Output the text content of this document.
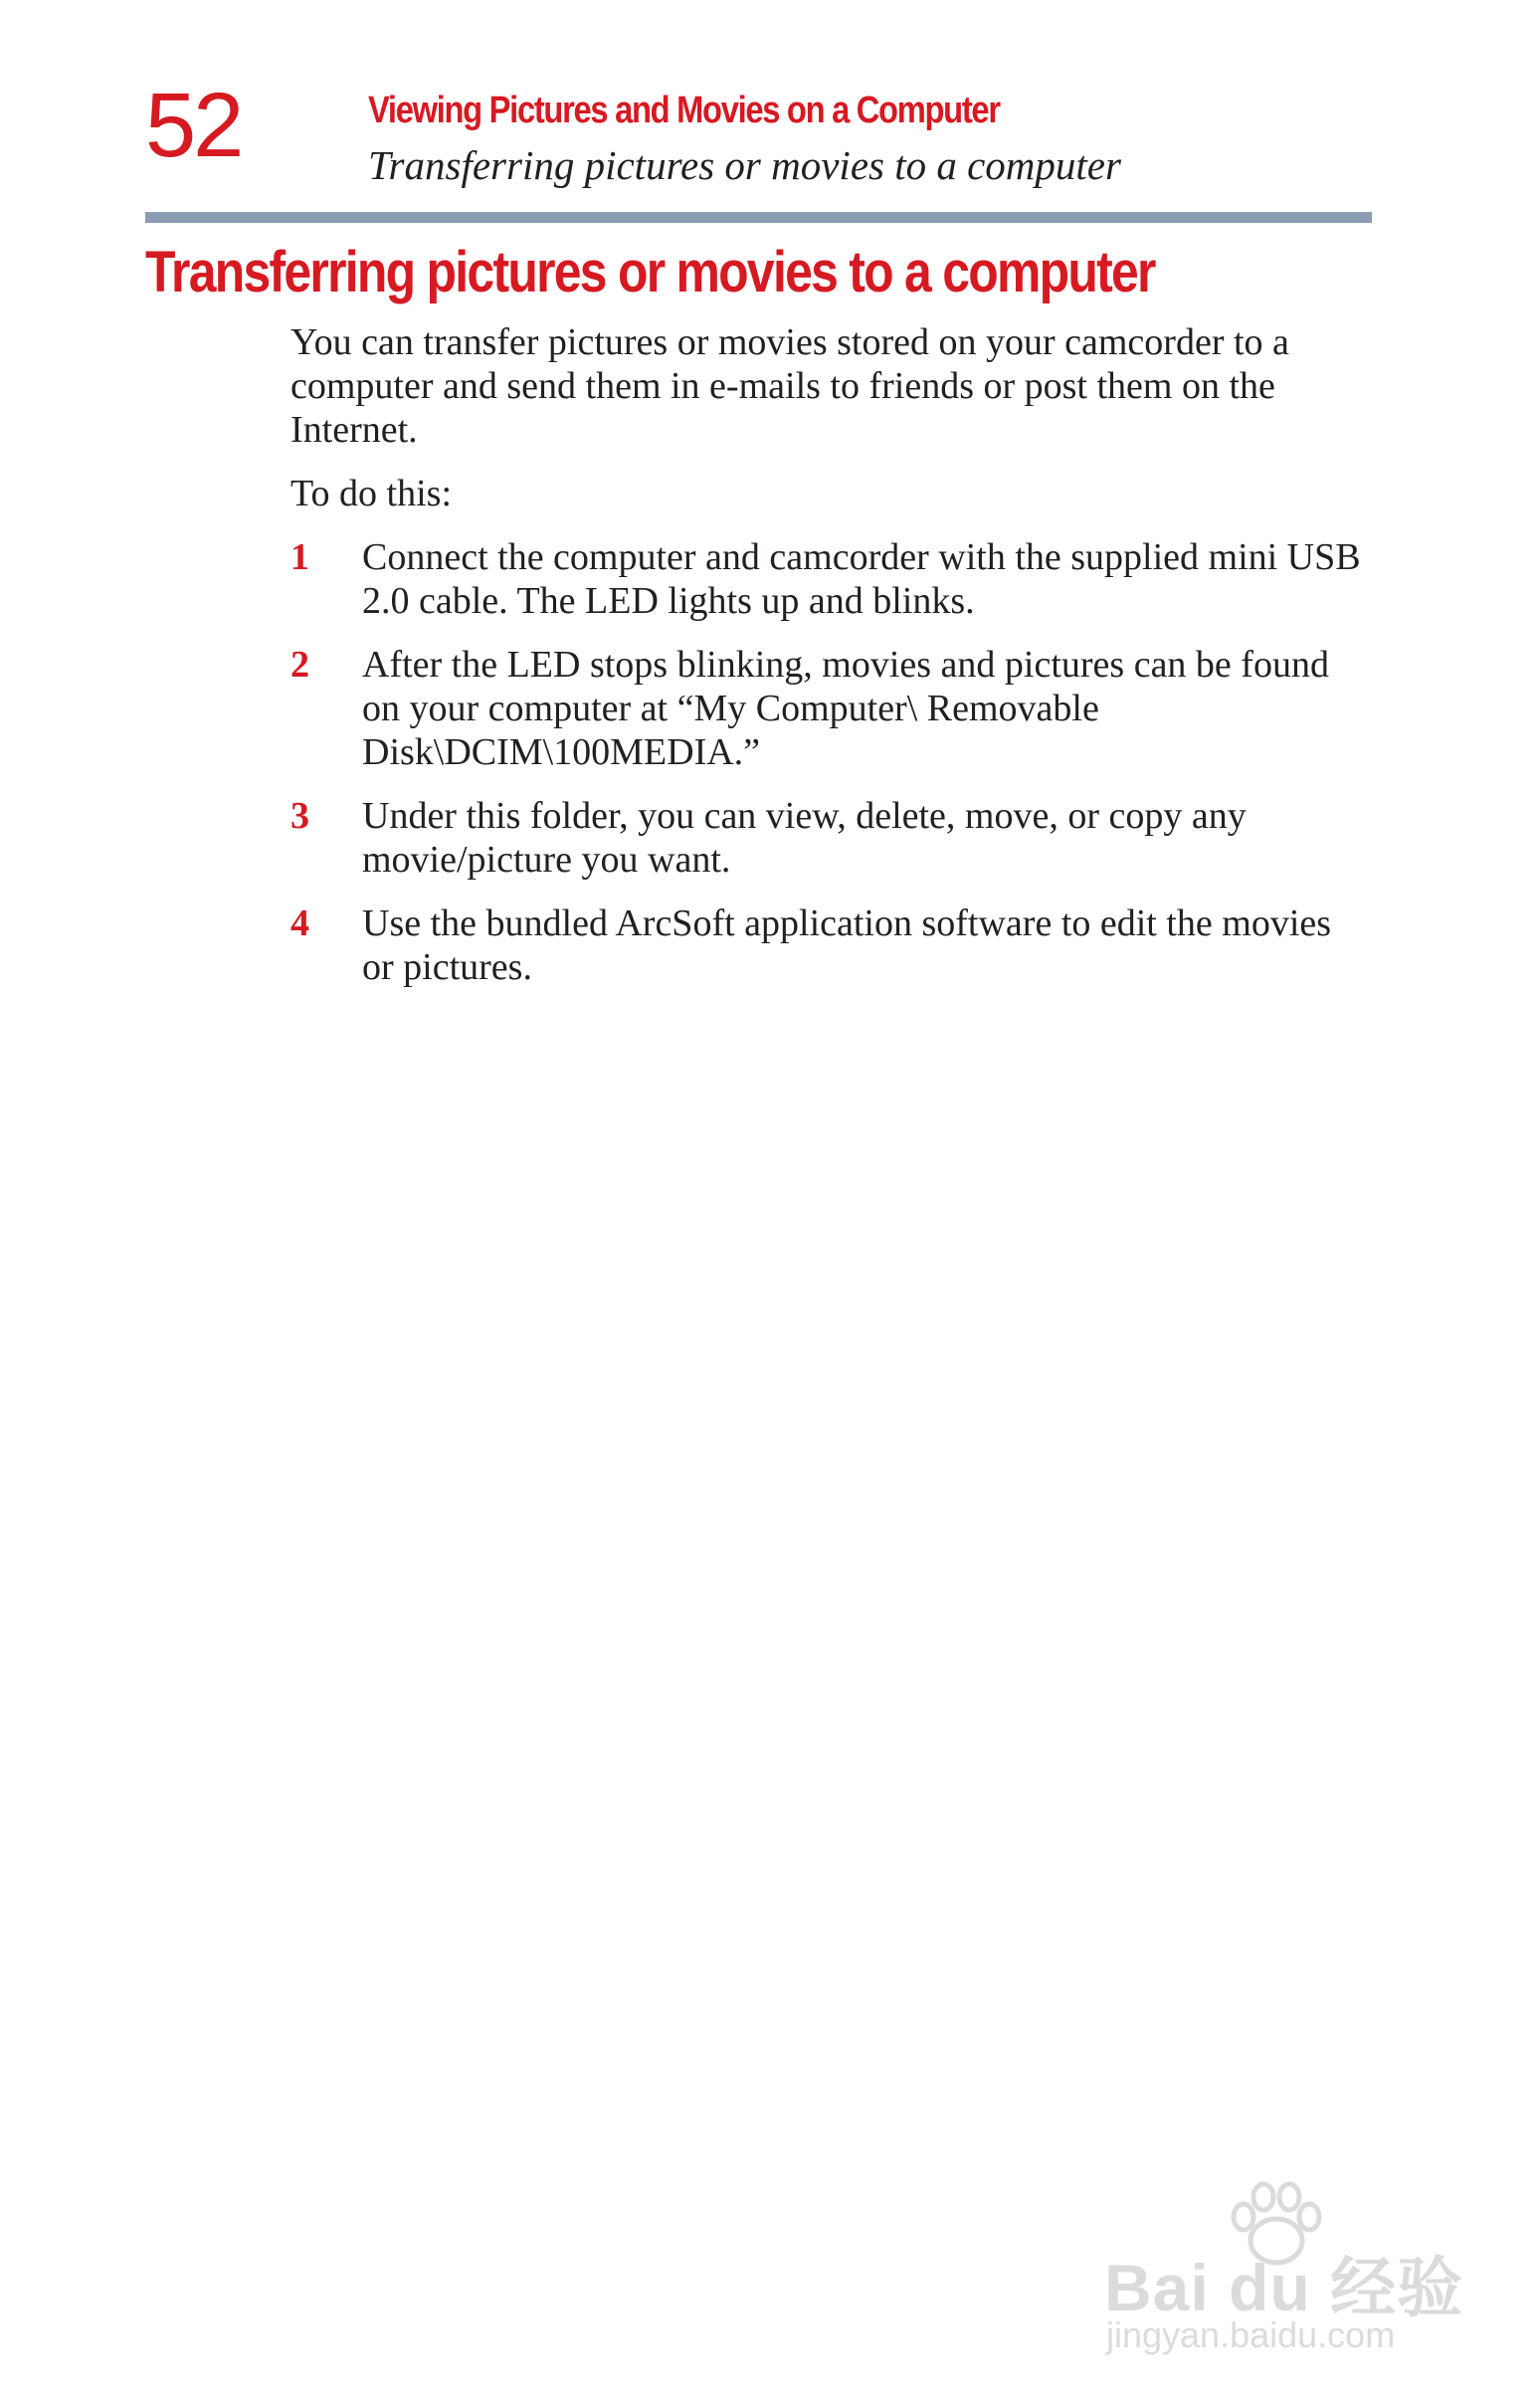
52	Viewing Pictures and Movies on a Computer
Transferring pictures or movies to a computer
Transferring pictures or movies to a computer

You can transfer pictures or movies stored on your camcorder to a computer and send them in e-mails to friends or post them on the Internet.

To do this:

1	Connect the computer and camcorder with the supplied mini USB 2.0 cable. The LED lights up and blinks.
2	After the LED stops blinking, movies and pictures can be found on your computer at “My Computer\ Removable Disk\DCIM\100MEDIA.”
3	Under this folder, you can view, delete, move, or copy any movie/picture you want.
4	Use the bundled ArcSoft application software to edit the movies or pictures.
Bai du 经验
jingyan.baidu.com
